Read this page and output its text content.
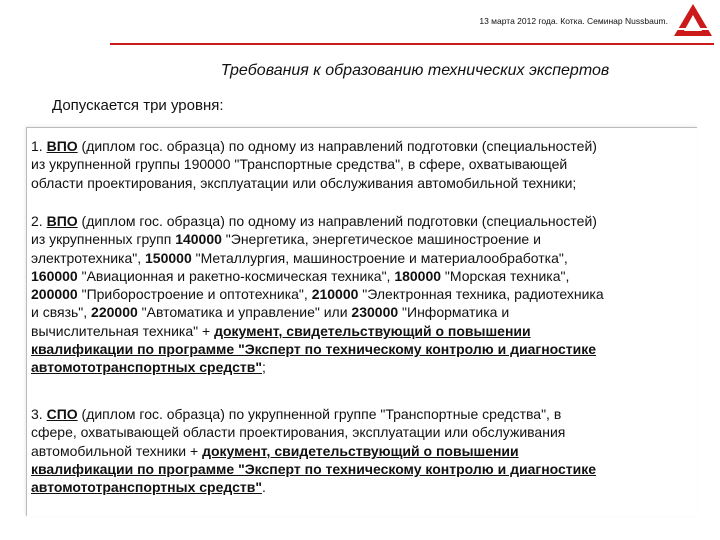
13 марта 2012 года. Котка. Семинар Nussbaum.
Требования к образованию технических экспертов
Допускается три уровня:
1. ВПО (диплом гос. образца) по одному из направлений подготовки (специальностей)
из укрупненной группы 190000 "Транспортные средства", в сфере, охватывающей
области проектирования, эксплуатации или обслуживания автомобильной техники;
2. ВПО (диплом гос. образца) по одному из направлений подготовки (специальностей)
из укрупненных групп 140000 "Энергетика, энергетическое машиностроение и
электротехника", 150000 "Металлургия, машиностроение и материалообработка",
160000 "Авиационная и ракетно-космическая техника", 180000 "Морская техника",
200000 "Приборостроение и оптотехника", 210000 "Электронная техника, радиотехника
и связь", 220000 "Автоматика и управление" или 230000 "Информатика и
вычислительная техника" + документ, свидетельствующий о повышении
квалификации по программе "Эксперт по техническому контролю и диагностике
автомототранспортных средств";
3. СПО (диплом гос. образца) по укрупненной группе "Транспортные средства", в
сфере, охватывающей области проектирования, эксплуатации или обслуживания
автомобильной техники + документ, свидетельствующий о повышении
квалификации по программе "Эксперт по техническому контролю и диагностике
автомототранспортных средств".
